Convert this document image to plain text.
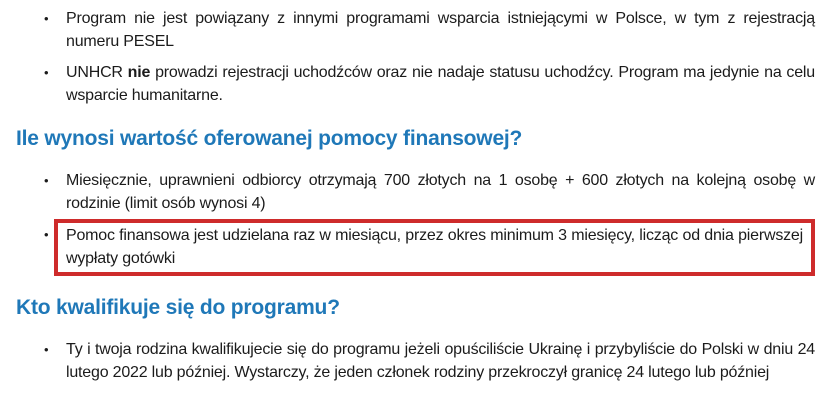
•	Program nie jest powiązany z innymi programami wsparcia istniejącymi w Polsce, w tym z rejestracją numeru PESEL
•	UNHCR nie prowadzi rejestracji uchodźców oraz nie nadaje statusu uchodźcy. Program ma jedynie na celu wsparcie humanitarne.
Ile wynosi wartość oferowanej pomocy finansowej?
•	Miesięcznie, uprawnieni odbiorcy otrzymają 700 złotych na 1 osobę + 600 złotych na kolejną osobę w rodzinie (limit osób wynosi 4)
•	Pomoc finansowa jest udzielana raz w miesiącu, przez okres minimum 3 miesięcy, licząc od dnia pierwszej wypłaty gotówki
Kto kwalifikuje się do programu?
•	Ty i twoja rodzina kwalifikujecie się do programu jeżeli opuściliście Ukrainę i przybyliście do Polski w dniu 24 lutego 2022 lub później. Wystarczy, że jeden członek rodziny przekroczył granicę 24 lutego lub później
